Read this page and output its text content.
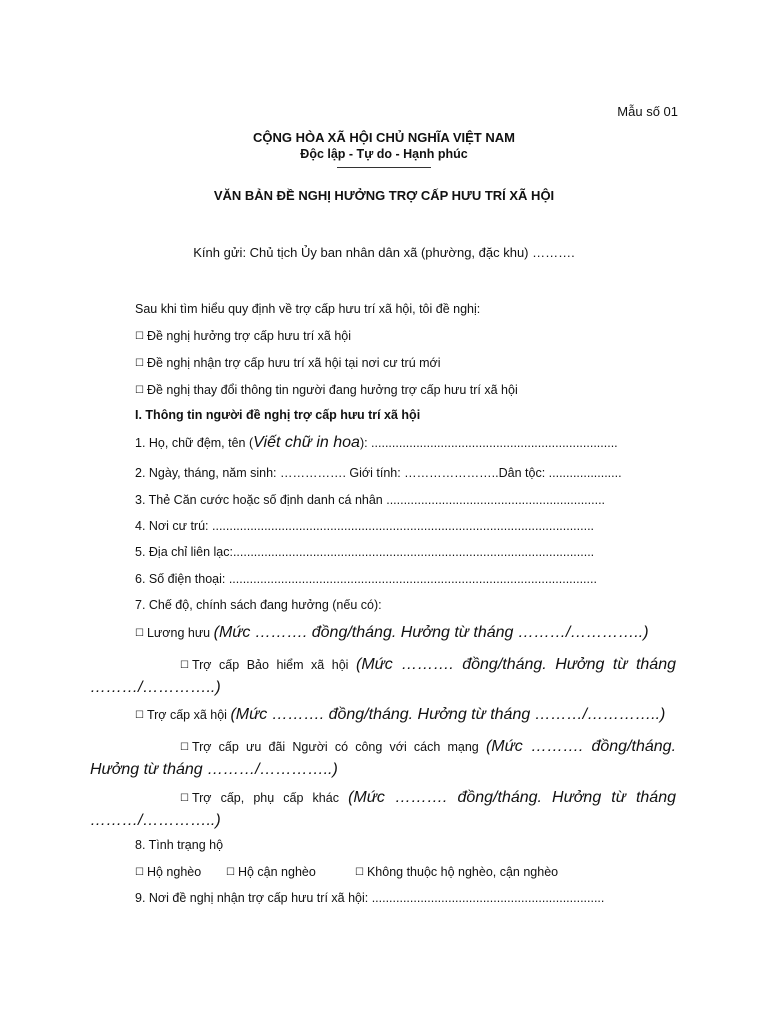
Mẫu số 01
CỘNG HÒA XÃ HỘI CHỦ NGHĨA VIỆT NAM
Độc lập - Tự do - Hạnh phúc
VĂN BẢN ĐỀ NGHỊ HƯỞNG TRỢ CẤP HƯU TRÍ XÃ HỘI
Kính gửi: Chủ tịch Ủy ban nhân dân xã (phường, đặc khu) ……….
Sau khi tìm hiểu quy định về trợ cấp hưu trí xã hội, tôi đề nghị:
☐ Đề nghị hưởng trợ cấp hưu trí xã hội
☐ Đề nghị nhận trợ cấp hưu trí xã hội tại nơi cư trú mới
☐ Đề nghị thay đổi thông tin người đang hưởng trợ cấp hưu trí xã hội
I. Thông tin người đề nghị trợ cấp hưu trí xã hội
1. Họ, chữ đệm, tên (Viết chữ in hoa): .......................................................................
2. Ngày, tháng, năm sinh: ……………. Giới tính: …………………..Dân tộc: .....................
3. Thẻ Căn cước hoặc số định danh cá nhân ...............................................................
4. Nơi cư trú: ..............................................................................................................
5. Địa chỉ liên lạc:........................................................................................................
6. Số điện thoại: ..........................................................................................................
7. Chế độ, chính sách đang hưởng (nếu có):
☐ Lương hưu (Mức ………. đồng/tháng. Hưởng từ tháng ………/…………..)
☐ Trợ cấp Bảo hiểm xã hội (Mức ………. đồng/tháng. Hưởng từ tháng ………/…………..)
☐ Trợ cấp xã hội (Mức ………. đồng/tháng. Hưởng từ tháng ………/…………..)
☐ Trợ cấp ưu đãi Người có công với cách mạng (Mức ………. đồng/tháng. Hưởng từ tháng ………/…………..)
☐ Trợ cấp, phụ cấp khác (Mức ………. đồng/tháng. Hưởng từ tháng ………/…………..)
8. Tình trạng hộ
☐ Hộ nghèo ☐ Hộ cận nghèo	☐ Không thuộc hộ nghèo, cận nghèo
9. Nơi đề nghị nhận trợ cấp hưu trí xã hội: ...................................................................
